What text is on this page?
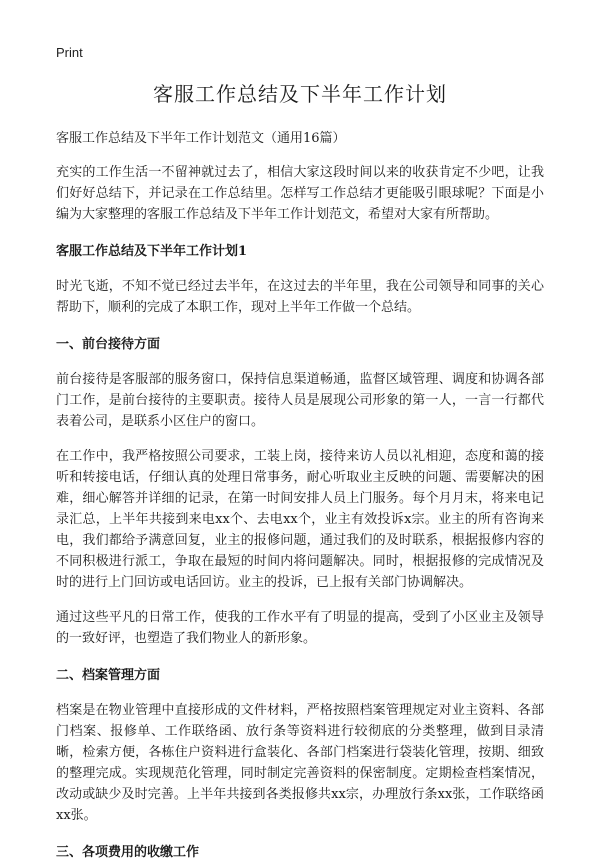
Print

客服工作总结及下半年工作计划

客服工作总结及下半年工作计划范文（通用16篇）

充实的工作生活一不留神就过去了，相信大家这段时间以来的收获肯定不少吧，让我们好好总结下，并记录在工作总结里。怎样写工作总结才更能吸引眼球呢？下面是小编为大家整理的客服工作总结及下半年工作计划范文，希望对大家有所帮助。

客服工作总结及下半年工作计划1

时光飞逝，不知不觉已经过去半年，在这过去的半年里，我在公司领导和同事的关心帮助下，顺利的完成了本职工作，现对上半年工作做一个总结。

一、前台接待方面

前台接待是客服部的服务窗口，保持信息渠道畅通，监督区域管理、调度和协调各部门工作，是前台接待的主要职责。接待人员是展现公司形象的第一人，一言一行都代表着公司，是联系小区住户的窗口。

在工作中，我严格按照公司要求，工装上岗，接待来访人员以礼相迎，态度和蔼的接听和转接电话，仔细认真的处理日常事务，耐心听取业主反映的问题、需要解决的困难，细心解答并详细的记录，在第一时间安排人员上门服务。每个月月末，将来电记录汇总，上半年共接到来电xx个、去电xx个，业主有效投诉x宗。业主的所有咨询来电，我们都给予满意回复，业主的报修问题，通过我们的及时联系，根据报修内容的不同积极进行派工，争取在最短的时间内将问题解决。同时，根据报修的完成情况及时的进行上门回访或电话回访。业主的投诉，已上报有关部门协调解决。

通过这些平凡的日常工作，使我的工作水平有了明显的提高，受到了小区业主及领导的一致好评，也塑造了我们物业人的新形象。

二、档案管理方面

档案是在物业管理中直接形成的文件材料，严格按照档案管理规定对业主资料、各部门档案、报修单、工作联络函、放行条等资料进行较彻底的分类整理，做到目录清晰，检索方便，各栋住户资料进行盒装化、各部门档案进行袋装化管理，按期、细致的整理完成。实现规范化管理，同时制定完善资料的保密制度。定期检查档案情况，改动或缺少及时完善。上半年共接到各类报修共xx宗，办理放行条xx张，工作联络函xx张。

三、各项费用的收缴工作
